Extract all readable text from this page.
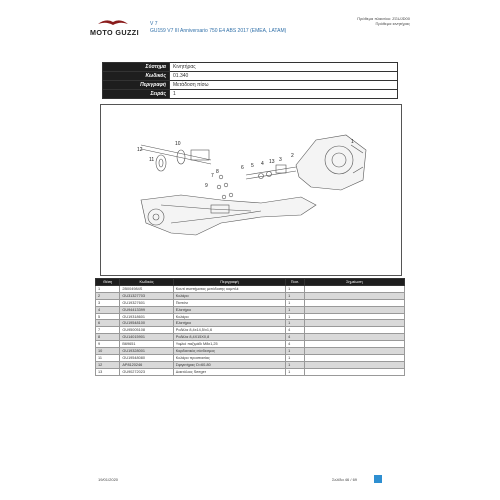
MOTO GUZZI
V 7
GU159 V7 III Anniversario 750 E4 ABS 2017 (EMEA, LATAM)
Πρόθεμα πλαισίου: ZGUJD00
Πρόθεμα κινητήρας
Σύστημα	Κινητήρας
Κωδικός	01.340
Περιγραφή	Μετάδοση πίσω
Σειράς	1
12
11
10
7
8
9
6 5 4 13 3
2
1
Θέση	Κωδικός	Περιγραφή	Ποσ.	Σημείωση
1	2B004984S	Κουτί συστήματος μετάδοσης κομπλέ	1	
2	GU31327703	Κολάρο	1	
3	GU19327601	Πιστόνι	1	
4	GU94413399	Ελατήριο	1	
5	GU19318601	Κολάρο	1	
6	GU19548100	Ελατήριο	1	
7	GU95005108	Ροδέλα 8,4x14,5/x1,6	4	
8	GU14015901	Ροδέλα 8,4X15X0,8	4	
9	B69651	Υιφλιό παξιμάδι M8x1,25	4	
10	GU19328001	Καρδανικός σύνδεσμος	1	
11	GU19548080	Κολάρο προστασίας	1	
12	AP8120246	Σφιγκτήρας D=60-80	1	
13	GU90272023	Δακτύλιος Seeger	1	
19/01/2020	Σελίδα 46 / 69
